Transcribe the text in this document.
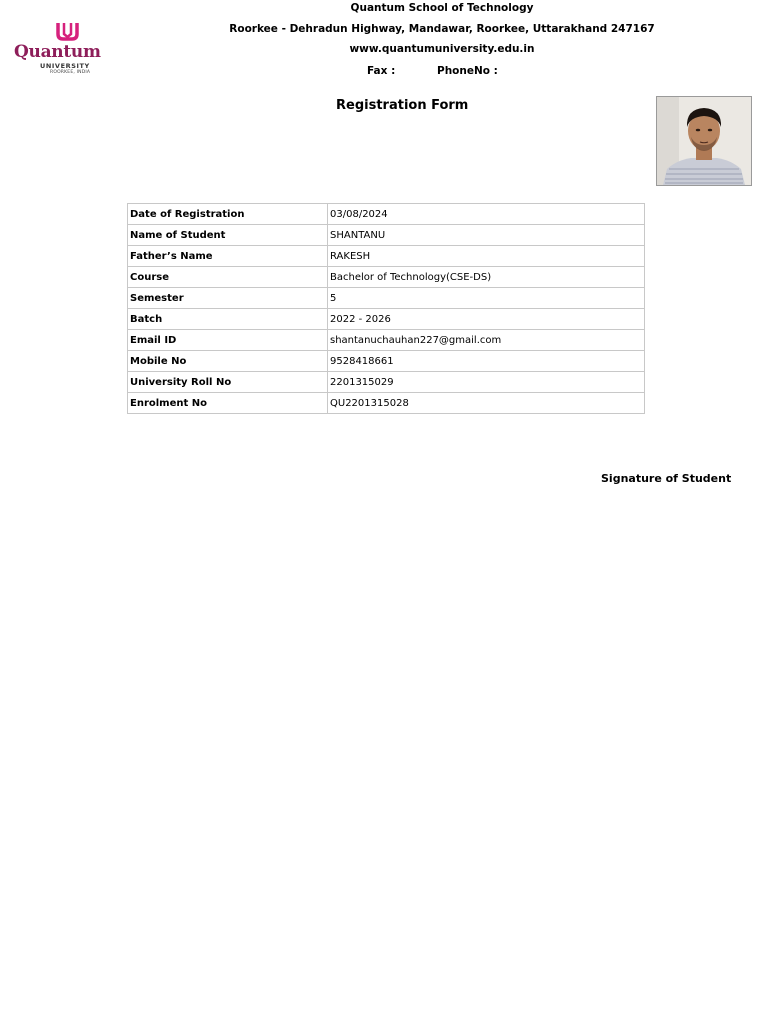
Quantum
UNIVERSITY
ROORKEE, INDIA
Quantum School of Technology
Roorkee - Dehradun Highway, Mandawar, Roorkee, Uttarakhand 247167
www.quantumuniversity.edu.in
Fax :	PhoneNo :
Registration Form
Date of Registration	03/08/2024
Name of Student	SHANTANU
Father’s Name	RAKESH
Course	Bachelor of Technology(CSE-DS)
Semester	5
Batch	2022 - 2026
Email ID	shantanuchauhan227@gmail.com
Mobile No	9528418661
University Roll No	2201315029
Enrolment No	QU2201315028
Signature of Student
